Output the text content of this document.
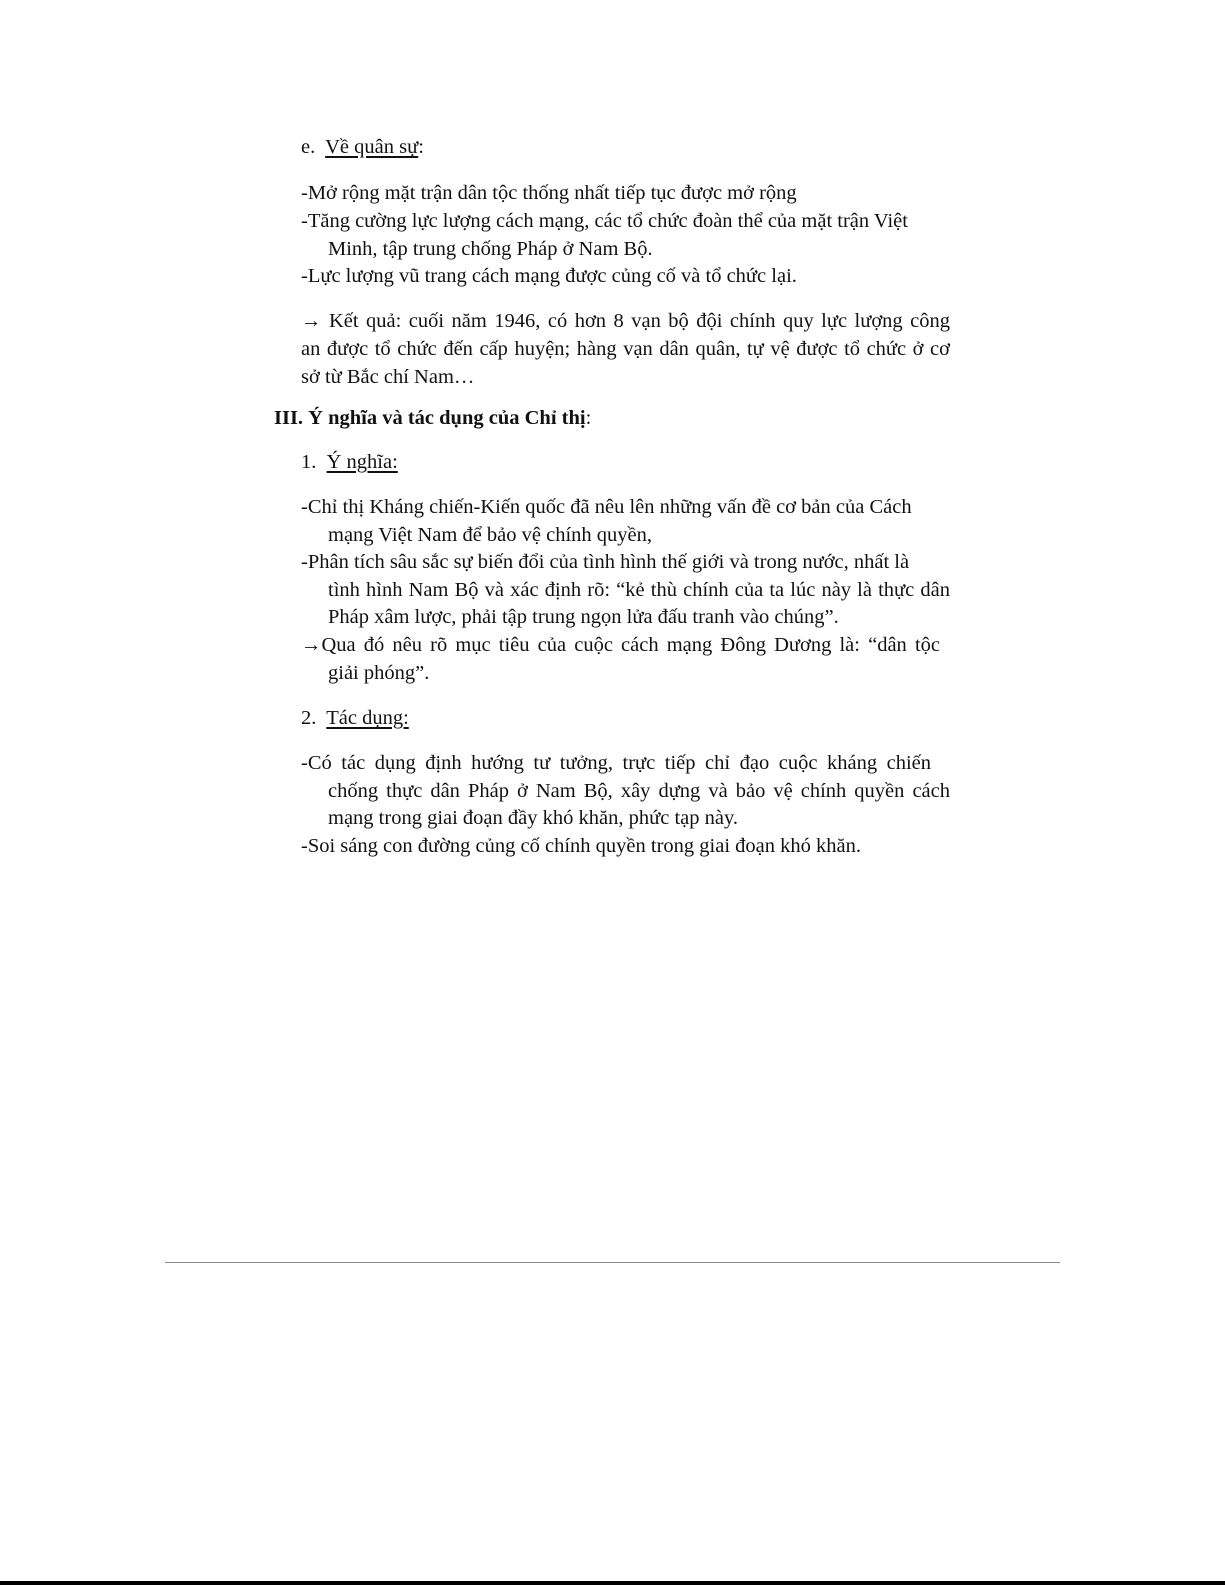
e. Về quân sự:
-Mở rộng mặt trận dân tộc thống nhất tiếp tục được mở rộng
-Tăng cường lực lượng cách mạng, các tổ chức đoàn thể của mặt trận Việt
Minh, tập trung chống Pháp ở Nam Bộ.
-Lực lượng vũ trang cách mạng được củng cố và tổ chức lại.
→ Kết quả: cuối năm 1946, có hơn 8 vạn bộ đội chính quy lực lượng công
an được tổ chức đến cấp huyện; hàng vạn dân quân, tự vệ được tổ chức ở cơ
sở từ Bắc chí Nam…
III. Ý nghĩa và tác dụng của Chỉ thị:
1. Ý nghĩa:
-Chỉ thị Kháng chiến-Kiến quốc đã nêu lên những vấn đề cơ bản của Cách
mạng Việt Nam để bảo vệ chính quyền,
-Phân tích sâu sắc sự biến đổi của tình hình thế giới và trong nước, nhất là
tình hình Nam Bộ và xác định rõ: “kẻ thù chính của ta lúc này là thực dân
Pháp xâm lược, phải tập trung ngọn lửa đấu tranh vào chúng”.
→Qua đó nêu rõ mục tiêu của cuộc cách mạng Đông Dương là: “dân tộc
giải phóng”.
2. Tác dụng:
-Có tác dụng định hướng tư tưởng, trực tiếp chỉ đạo cuộc kháng chiến
chống thực dân Pháp ở Nam Bộ, xây dựng và bảo vệ chính quyền cách
mạng trong giai đoạn đầy khó khăn, phức tạp này.
-Soi sáng con đường củng cố chính quyền trong giai đoạn khó khăn.
